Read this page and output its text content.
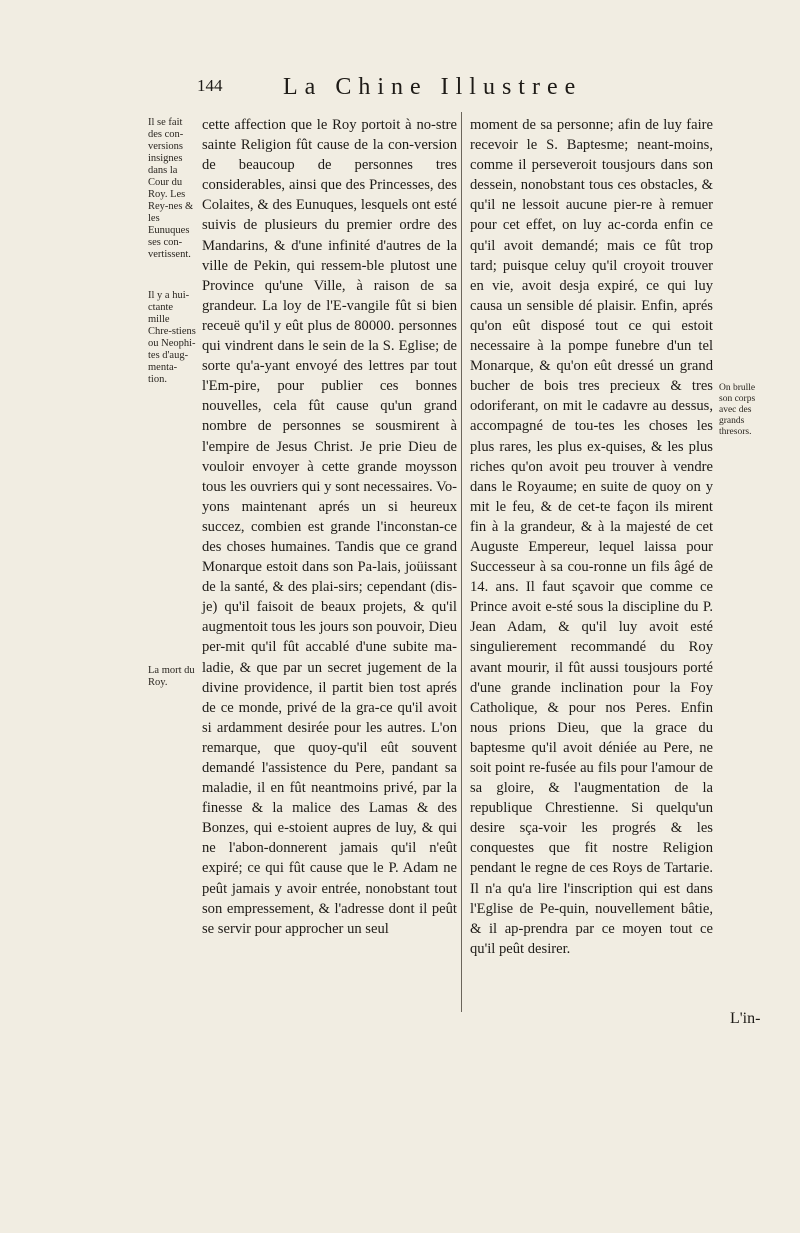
144	La Chine Illustree
Il se fait des con-versions insignes dans la Cour du Roy. Les Rey-nes & les Eunuques ses con-vertissent.
Il y a hui-ctante mille Chre-stiens ou Neophi-tes d'aug-menta-tion.
La mort du Roy.
On brulle son corps avec des grands thresors.

cette affection que le Roy portoit à no-stre sainte Religion fût cause de la con-version de beaucoup de personnes tres considerables, ainsi que des Princesses, des Colaites, & des Eunuques, lesquels ont esté suivis de plusieurs du premier ordre des Mandarins, & d'une infinité d'autres de la ville de Pekin, qui ressem-ble plutost une Province qu'une Ville, à raison de sa grandeur. La loy de l'E-vangile fût si bien receuë qu'il y eût plus de 80000. personnes qui vindrent dans le sein de la S. Eglise; de sorte qu'a-yant envoyé des lettres par tout l'Em-pire, pour publier ces bonnes nouvelles, cela fût cause qu'un grand nombre de personnes se sousmirent à l'empire de Jesus Christ. Je prie Dieu de vouloir envoyer à cette grande moysson tous les ouvriers qui y sont necessaires. Vo-yons maintenant aprés un si heureux succez, combien est grande l'inconstan-ce des choses humaines. Tandis que ce grand Monarque estoit dans son Pa-lais, joüissant de la santé, & des plai-sirs; cependant (dis-je) qu'il faisoit de beaux projets, & qu'il augmentoit tous les jours son pouvoir, Dieu per-mit qu'il fût accablé d'une subite ma-ladie, & que par un secret jugement de la divine providence, il partit bien tost aprés de ce monde, privé de la gra-ce qu'il avoit si ardamment desirée pour les autres. L'on remarque, que quoy-qu'il eût souvent demandé l'assistence du Pere, pandant sa maladie, il en fût neantmoins privé, par la finesse & la malice des Lamas & des Bonzes, qui e-stoient aupres de luy, & qui ne l'abon-donnerent jamais qu'il n'eût expiré; ce qui fût cause que le P. Adam ne peût jamais y avoir entrée, nonobstant tout son empressement, & l'adresse dont il peût se servir pour approcher un seul

moment de sa personne; afin de luy faire recevoir le S. Baptesme; neant-moins, comme il perseveroit tousjours dans son dessein, nonobstant tous ces obstacles, & qu'il ne lessoit aucune pier-re à remuer pour cet effet, on luy ac-corda enfin ce qu'il avoit demandé; mais ce fût trop tard; puisque celuy qu'il croyoit trouver en vie, avoit desja expiré, ce qui luy causa un sensible dé plaisir. Enfin, aprés qu'on eût disposé tout ce qui estoit necessaire à la pompe funebre d'un tel Monarque, & qu'on eût dressé un grand bucher de bois tres precieux & tres odoriferant, on mit le cadavre au dessus, accompagné de tou-tes les choses les plus rares, les plus ex-quises, & les plus riches qu'on avoit peu trouver à vendre dans le Royaume; en suite de quoy on y mit le feu, & de cet-te façon ils mirent fin à la grandeur, & à la majesté de cet Auguste Empereur, lequel laissa pour Successeur à sa cou-ronne un fils âgé de 14. ans. Il faut sçavoir que comme ce Prince avoit e-sté sous la discipline du P. Jean Adam, & qu'il luy avoit esté singulierement recommandé du Roy avant mourir, il fût aussi tousjours porté d'une grande inclination pour la Foy Catholique, & pour nos Peres. Enfin nous prions Dieu, que la grace du baptesme qu'il avoit déniée au Pere, ne soit point re-fusée au fils pour l'amour de sa gloire, & l'augmentation de la republique Chrestienne. Si quelqu'un desire sça-voir les progrés & les conquestes que fit nostre Religion pendant le regne de ces Roys de Tartarie. Il n'a qu'a lire l'inscription qui est dans l'Eglise de Pe-quin, nouvellement bâtie, & il ap-prendra par ce moyen tout ce qu'il peût desirer.

L'in-
